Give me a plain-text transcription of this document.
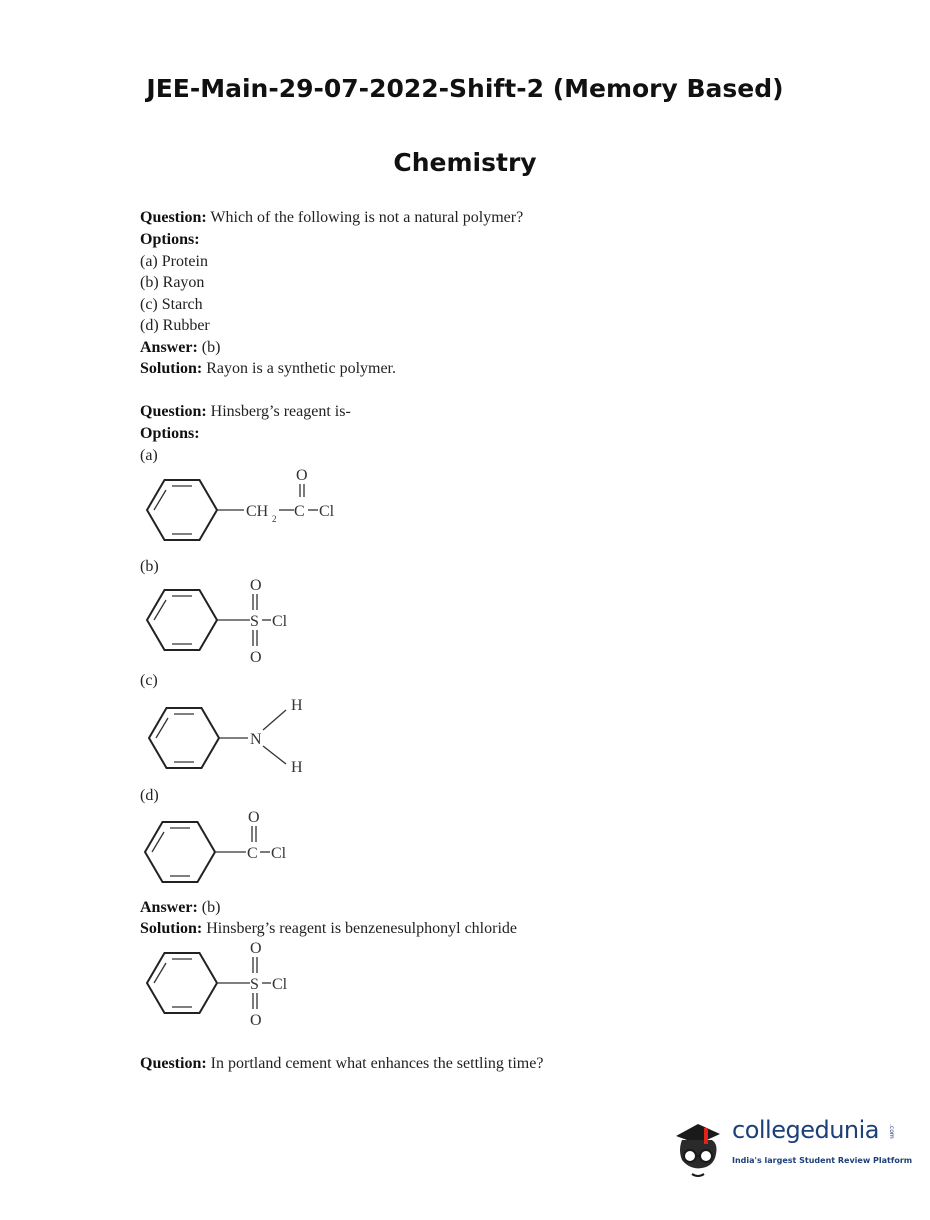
JEE-Main-29-07-2022-Shift-2 (Memory Based)
Chemistry
Question: Which of the following is not a natural polymer?
Options:
(a) Protein
(b) Rayon
(c) Starch
(d) Rubber
Answer: (b)
Solution: Rayon is a synthetic polymer.
Question: Hinsberg’s reagent is-
Options:
(a)
CH 2 C
O
Cl
(b)
S
O
O
Cl
(c)
N
H
H
(d)
C
O
Cl
Answer: (b)
Solution: Hinsberg’s reagent is benzenesulphonyl chloride
S
O
O
Cl
Question: In portland cement what enhances the settling time?
collegedunia .com
India's largest Student Review Platform
